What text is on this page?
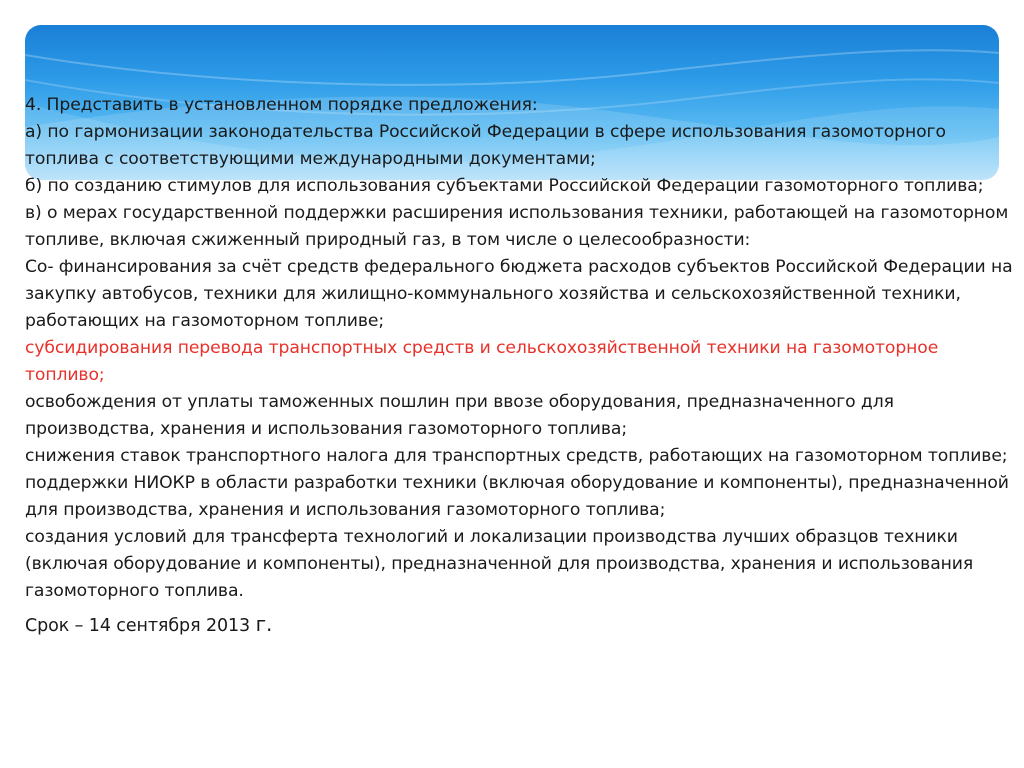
4. Представить в установленном порядке предложения:

а) по гармонизации законодательства Российской Федерации в сфере использования газомоторного топлива с соответствующими международными документами;

б) по созданию стимулов для использования субъектами Российской Федерации газомоторного топлива;

в) о мерах государственной поддержки расширения использования техники, работающей на газомоторном топливе, включая сжиженный природный газ, в том числе о целесообразности:

Со- финансирования за счёт средств федерального бюджета расходов субъектов Российской Федерации на закупку автобусов, техники для жилищно-коммунального хозяйства и сельскохозяйственной техники, работающих на газомоторном топливе;

субсидирования перевода транспортных средств и сельскохозяйственной техники на газомоторное топливо;

освобождения от уплаты таможенных пошлин при ввозе оборудования, предназначенного для производства, хранения и использования газомоторного топлива;

снижения ставок транспортного налога для транспортных средств, работающих на газомоторном топливе;

поддержки НИОКР в области разработки техники (включая оборудование и компоненты), предназначенной для производства, хранения и использования газомоторного топлива;

создания условий для трансферта технологий и локализации производства лучших образцов техники (включая оборудование и компоненты), предназначенной для производства, хранения и использования газомоторного топлива.

Срок – 14 сентября 2013 г.
